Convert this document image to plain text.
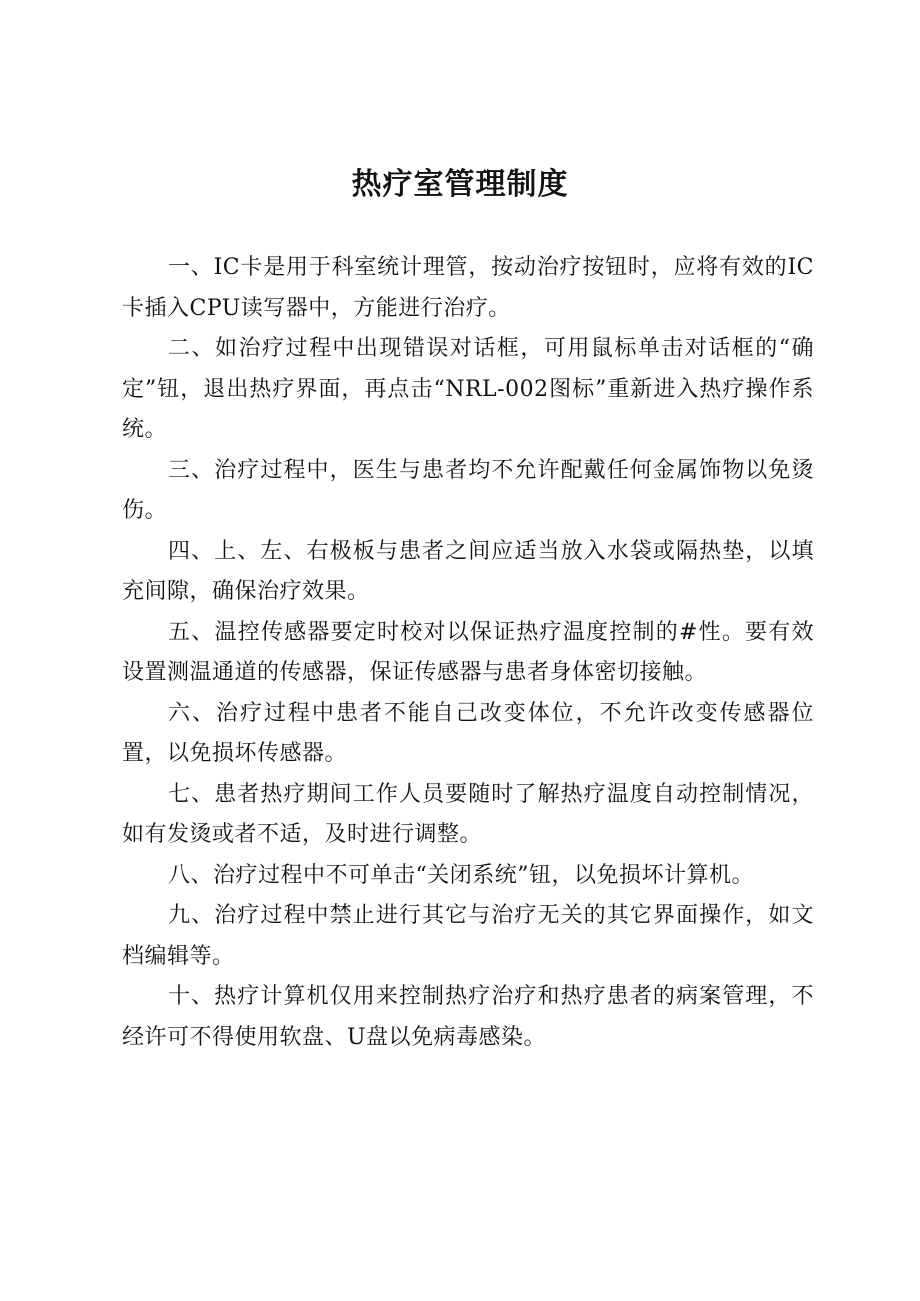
热疗室管理制度

一、IC卡是用于科室统计理管，按动治疗按钮时，应将有效的IC卡插入CPU读写器中，方能进行治疗。

二、如治疗过程中出现错误对话框，可用鼠标单击对话框的“确定”钮，退出热疗界面，再点击“NRL-002图标”重新进入热疗操作系统。

三、治疗过程中，医生与患者均不允许配戴任何金属饰物以免烫伤。

四、上、左、右极板与患者之间应适当放入水袋或隔热垫，以填充间隙，确保治疗效果。

五、温控传感器要定时校对以保证热疗温度控制的#性。要有效设置测温通道的传感器，保证传感器与患者身体密切接触。

六、治疗过程中患者不能自己改变体位，不允许改变传感器位置，以免损坏传感器。

七、患者热疗期间工作人员要随时了解热疗温度自动控制情况，如有发烫或者不适，及时进行调整。

八、治疗过程中不可单击“关闭系统”钮，以免损坏计算机。

九、治疗过程中禁止进行其它与治疗无关的其它界面操作，如文档编辑等。

十、热疗计算机仅用来控制热疗治疗和热疗患者的病案管理，不经许可不得使用软盘、U盘以免病毒感染。
